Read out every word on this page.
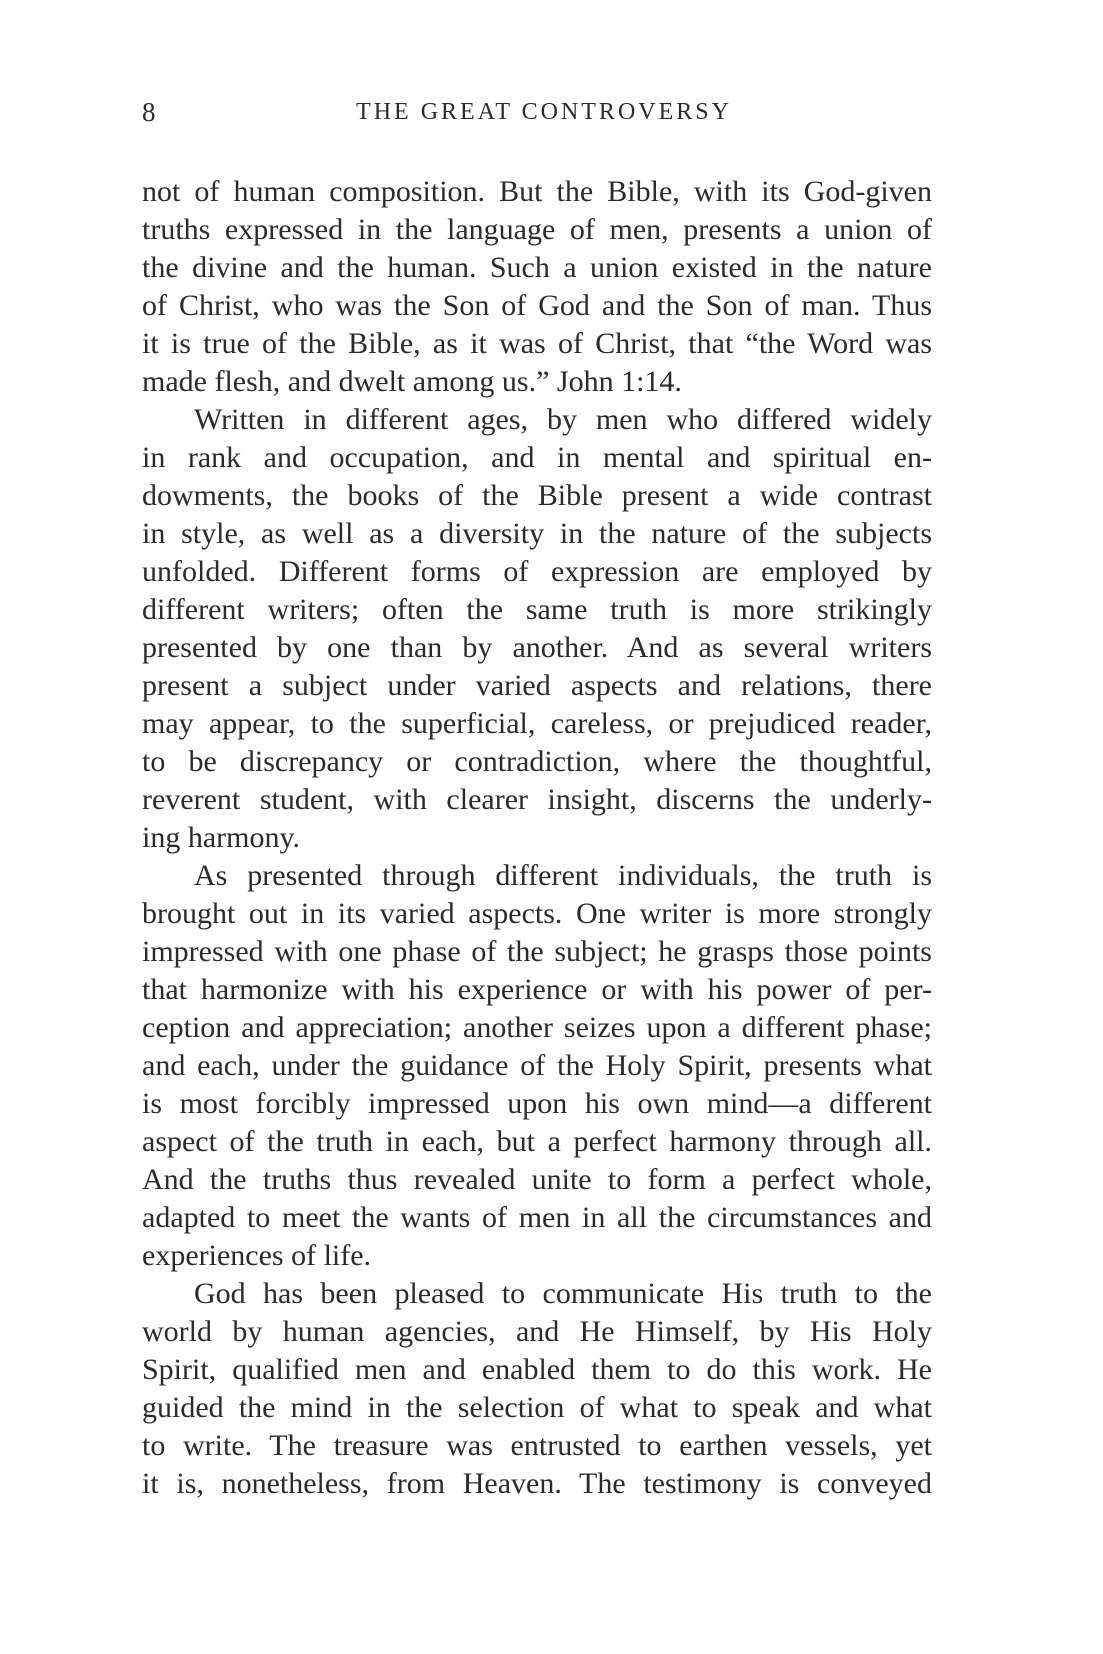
8	THE GREAT CONTROVERSY
not of human composition. But the Bible, with its God-given
truths expressed in the language of men, presents a union of
the divine and the human. Such a union existed in the nature
of Christ, who was the Son of God and the Son of man. Thus
it is true of the Bible, as it was of Christ, that “the Word was
made flesh, and dwelt among us.” John 1:14.
Written in different ages, by men who differed widely
in rank and occupation, and in mental and spiritual en-
dowments, the books of the Bible present a wide contrast
in style, as well as a diversity in the nature of the subjects
unfolded. Different forms of expression are employed by
different writers; often the same truth is more strikingly
presented by one than by another. And as several writers
present a subject under varied aspects and relations, there
may appear, to the superficial, careless, or prejudiced reader,
to be discrepancy or contradiction, where the thoughtful,
reverent student, with clearer insight, discerns the underly-
ing harmony.
As presented through different individuals, the truth is
brought out in its varied aspects. One writer is more strongly
impressed with one phase of the subject; he grasps those points
that harmonize with his experience or with his power of per-
ception and appreciation; another seizes upon a different phase;
and each, under the guidance of the Holy Spirit, presents what
is most forcibly impressed upon his own mind—a different
aspect of the truth in each, but a perfect harmony through all.
And the truths thus revealed unite to form a perfect whole,
adapted to meet the wants of men in all the circumstances and
experiences of life.
God has been pleased to communicate His truth to the
world by human agencies, and He Himself, by His Holy
Spirit, qualified men and enabled them to do this work. He
guided the mind in the selection of what to speak and what
to write. The treasure was entrusted to earthen vessels, yet
it is, nonetheless, from Heaven. The testimony is conveyed
